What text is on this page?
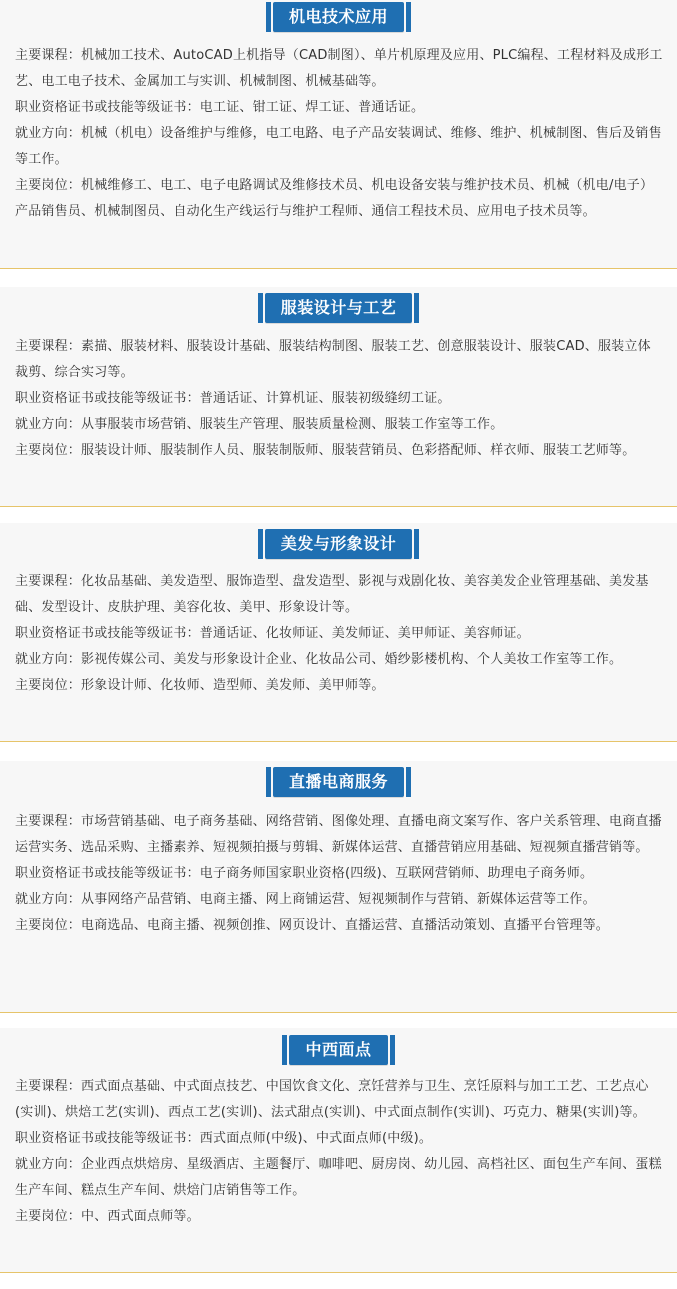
机电技术应用

主要课程：机械加工技术、AutoCAD上机指导（CAD制图）、单片机原理及应用、PLC编程、工程材料及成形工艺、电工电子技术、金属加工与实训、机械制图、机械基础等。

职业资格证书或技能等级证书：电工证、钳工证、焊工证、普通话证。

就业方向：机械（机电）设备维护与维修，电工电路、电子产品安装调试、维修、维护、机械制图、售后及销售等工作。

主要岗位：机械维修工、电工、电子电路调试及维修技术员、机电设备安装与维护技术员、机械（机电/电子）产品销售员、机械制图员、自动化生产线运行与维护工程师、通信工程技术员、应用电子技术员等。

服装设计与工艺

主要课程：素描、服装材料、服装设计基础、服装结构制图、服装工艺、创意服装设计、服装CAD、服装立体裁剪、综合实习等。

职业资格证书或技能等级证书：普通话证、计算机证、服装初级缝纫工证。

就业方向：从事服装市场营销、服装生产管理、服装质量检测、服装工作室等工作。

主要岗位：服装设计师、服装制作人员、服装制版师、服装营销员、色彩搭配师、样衣师、服装工艺师等。

美发与形象设计

主要课程：化妆品基础、美发造型、服饰造型、盘发造型、影视与戏剧化妆、美容美发企业管理基础、美发基础、发型设计、皮肤护理、美容化妆、美甲、形象设计等。

职业资格证书或技能等级证书：普通话证、化妆师证、美发师证、美甲师证、美容师证。

就业方向：影视传媒公司、美发与形象设计企业、化妆品公司、婚纱影楼机构、个人美妆工作室等工作。

主要岗位：形象设计师、化妆师、造型师、美发师、美甲师等。

直播电商服务

主要课程：市场营销基础、电子商务基础、网络营销、图像处理、直播电商文案写作、客户关系管理、电商直播运营实务、选品采购、主播素养、短视频拍摄与剪辑、新媒体运营、直播营销应用基础、短视频直播营销等。

职业资格证书或技能等级证书：电子商务师国家职业资格(四级)、互联网营销师、助理电子商务师。

就业方向：从事网络产品营销、电商主播、网上商铺运营、短视频制作与营销、新媒体运营等工作。

主要岗位：电商选品、电商主播、视频创推、网页设计、直播运营、直播活动策划、直播平台管理等。

中西面点

主要课程：西式面点基础、中式面点技艺、中国饮食文化、烹饪营养与卫生、烹饪原料与加工工艺、工艺点心(实训)、烘焙工艺(实训)、西点工艺(实训)、法式甜点(实训)、中式面点制作(实训)、巧克力、糖果(实训)等。

职业资格证书或技能等级证书：西式面点师(中级)、中式面点师(中级)。

就业方向：企业西点烘焙房、星级酒店、主题餐厅、咖啡吧、厨房岗、幼儿园、高档社区、面包生产车间、蛋糕生产车间、糕点生产车间、烘焙门店销售等工作。

主要岗位：中、西式面点师等。
